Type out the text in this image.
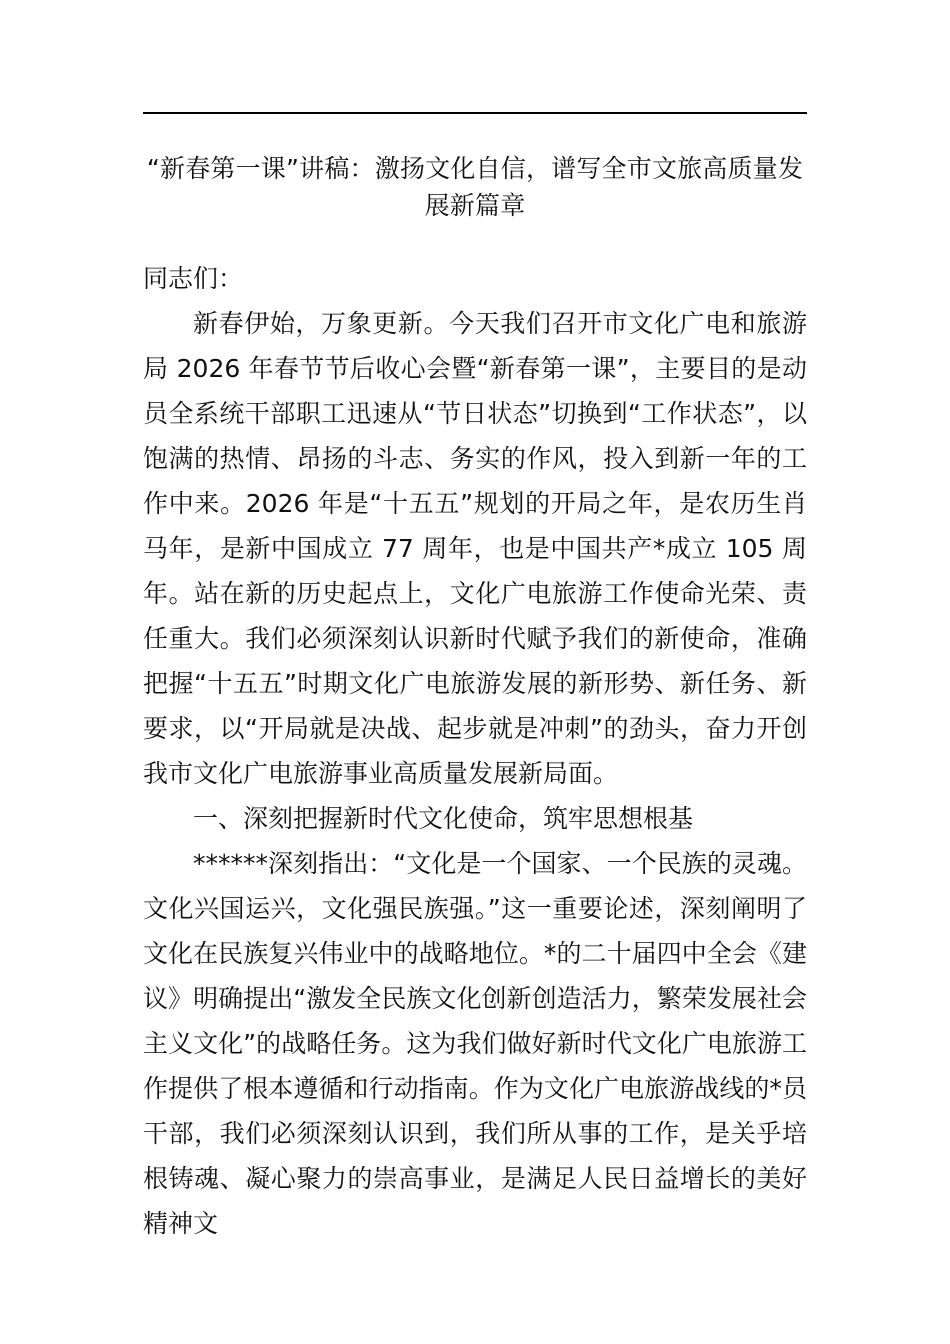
“新春第一课”讲稿：激扬文化自信，谱写全市文旅高质量发展新篇章

同志们：

新春伊始，万象更新。今天我们召开市文化广电和旅游局 2026 年春节节后收心会暨“新春第一课”，主要目的是动员全系统干部职工迅速从“节日状态”切换到“工作状态”，以饱满的热情、昂扬的斗志、务实的作风，投入到新一年的工作中来。2026 年是“十五五”规划的开局之年，是农历生肖马年，是新中国成立 77 周年，也是中国共产*成立 105 周年。站在新的历史起点上，文化广电旅游工作使命光荣、责任重大。我们必须深刻认识新时代赋予我们的新使命，准确把握“十五五”时期文化广电旅游发展的新形势、新任务、新要求，以“开局就是决战、起步就是冲刺”的劲头，奋力开创我市文化广电旅游事业高质量发展新局面。

一、深刻把握新时代文化使命，筑牢思想根基

******深刻指出：“文化是一个国家、一个民族的灵魂。文化兴国运兴，文化强民族强。”这一重要论述，深刻阐明了文化在民族复兴伟业中的战略地位。*的二十届四中全会《建议》明确提出“激发全民族文化创新创造活力，繁荣发展社会主义文化”的战略任务。这为我们做好新时代文化广电旅游工作提供了根本遵循和行动指南。作为文化广电旅游战线的*员干部，我们必须深刻认识到，我们所从事的工作，是关乎培根铸魂、凝心聚力的崇高事业，是满足人民日益增长的美好精神文
